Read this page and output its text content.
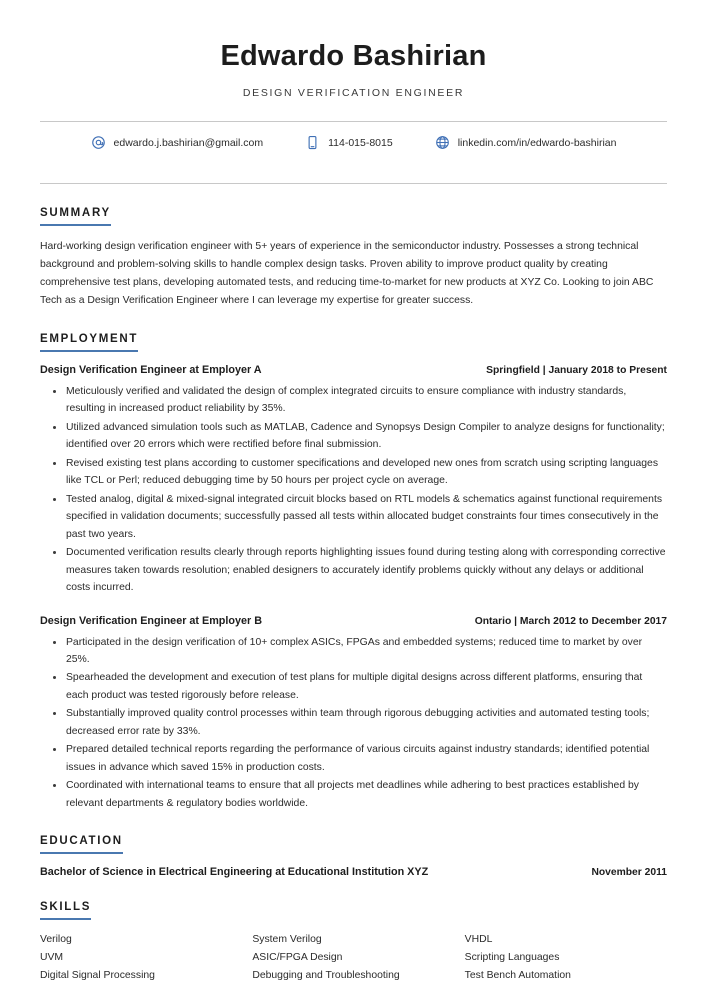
Edwardo Bashirian
DESIGN VERIFICATION ENGINEER
edwardo.j.bashirian@gmail.com	114-015-8015	linkedin.com/in/edwardo-bashirian
SUMMARY
Hard-working design verification engineer with 5+ years of experience in the semiconductor industry. Possesses a strong technical background and problem-solving skills to handle complex design tasks. Proven ability to improve product quality by creating comprehensive test plans, developing automated tests, and reducing time-to-market for new products at XYZ Co. Looking to join ABC Tech as a Design Verification Engineer where I can leverage my expertise for greater success.
EMPLOYMENT
Design Verification Engineer at Employer A	Springfield | January 2018 to Present
Meticulously verified and validated the design of complex integrated circuits to ensure compliance with industry standards, resulting in increased product reliability by 35%.
Utilized advanced simulation tools such as MATLAB, Cadence and Synopsys Design Compiler to analyze designs for functionality; identified over 20 errors which were rectified before final submission.
Revised existing test plans according to customer specifications and developed new ones from scratch using scripting languages like TCL or Perl; reduced debugging time by 50 hours per project cycle on average.
Tested analog, digital & mixed-signal integrated circuit blocks based on RTL models & schematics against functional requirements specified in validation documents; successfully passed all tests within allocated budget constraints four times consecutively in the past two years.
Documented verification results clearly through reports highlighting issues found during testing along with corresponding corrective measures taken towards resolution; enabled designers to accurately identify problems quickly without any delays or additional costs incurred.
Design Verification Engineer at Employer B	Ontario | March 2012 to December 2017
Participated in the design verification of 10+ complex ASICs, FPGAs and embedded systems; reduced time to market by over 25%.
Spearheaded the development and execution of test plans for multiple digital designs across different platforms, ensuring that each product was tested rigorously before release.
Substantially improved quality control processes within team through rigorous debugging activities and automated testing tools; decreased error rate by 33%.
Prepared detailed technical reports regarding the performance of various circuits against industry standards; identified potential issues in advance which saved 15% in production costs.
Coordinated with international teams to ensure that all projects met deadlines while adhering to best practices established by relevant departments & regulatory bodies worldwide.
EDUCATION
Bachelor of Science in Electrical Engineering at Educational Institution XYZ	November 2011
SKILLS
Verilog	System Verilog	VHDL
UVM	ASIC/FPGA Design	Scripting Languages
Digital Signal Processing	Debugging and Troubleshooting	Test Bench Automation
